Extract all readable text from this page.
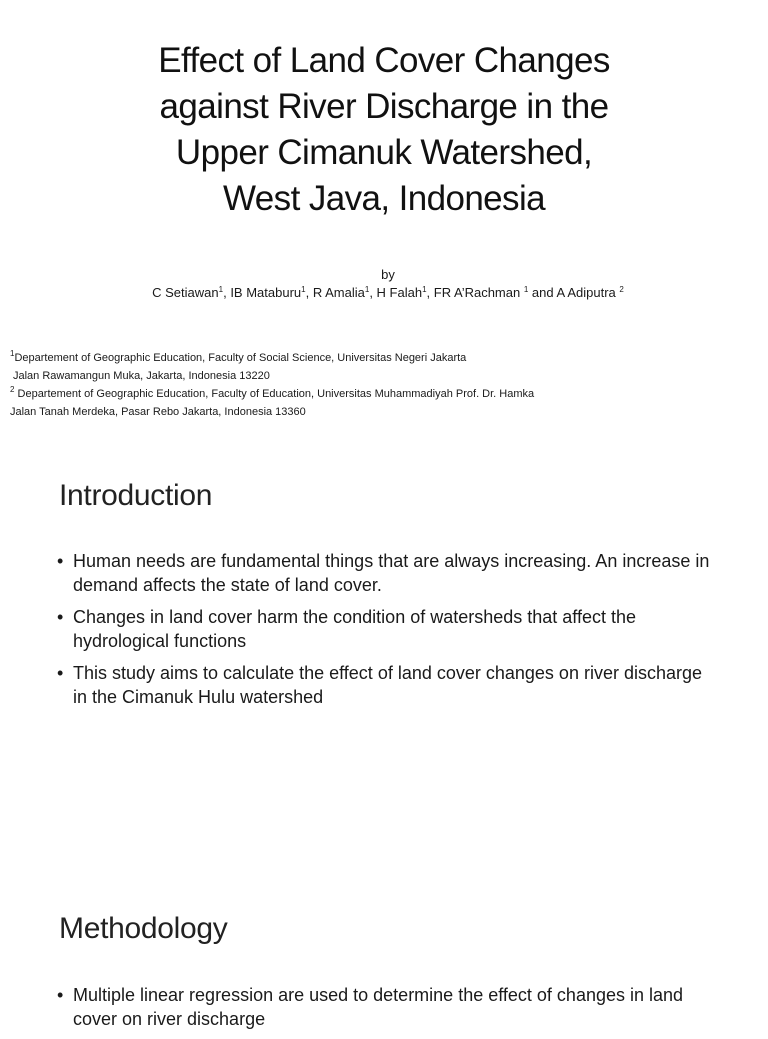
Effect of Land Cover Changes
against River Discharge in the
Upper Cimanuk Watershed,
West Java, Indonesia
by
C Setiawan$^1$, IB Mataburu$^1$, R Amalia$^1$, H Falah$^1$, FR A’Rachman $^1$ and A Adiputra $^2$
$^1$Departement of Geographic Education, Faculty of Social Science, Universitas Negeri Jakarta
Jalan Rawamangun Muka, Jakarta, Indonesia 13220
$^2$ Departement of Geographic Education, Faculty of Education, Universitas Muhammadiyah Prof. Dr. Hamka
Jalan Tanah Merdeka, Pasar Rebo Jakarta, Indonesia 13360
Introduction
• Human needs are fundamental things that are always increasing. An increase in demand affects the state of land cover.
• Changes in land cover harm the condition of watersheds that affect the hydrological functions
• This study aims to calculate the effect of land cover changes on river discharge in the Cimanuk Hulu watershed
Methodology
• Multiple linear regression are used to determine the effect of changes in land cover on river discharge
